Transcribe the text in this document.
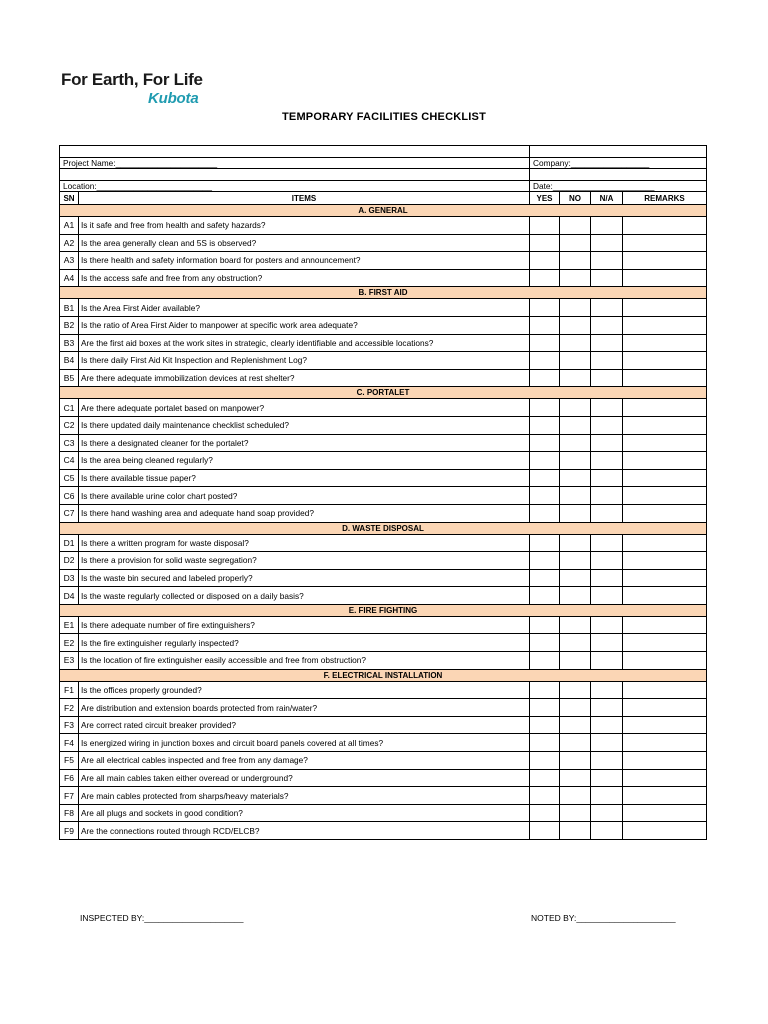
For Earth, For Life
Kubota
TEMPORARY FACILITIES CHECKLIST

Project Name:______________________		Company:_________________			

Location:_________________________		Date:______________________			
SN	ITEMS	YES	NO	N/A	REMARKS
A. GENERAL					
A1	Is it safe and free from health and safety hazards?				
A2	Is the area generally clean and 5S is observed?				
A3	Is there health and safety information board for posters and announcement?				
A4	Is the access safe and free from any obstruction?				
B. FIRST AID					
B1	Is the Area First Aider available?				
B2	Is the ratio of Area First Aider to manpower at specific work area adequate?				
B3	Are the first aid boxes at the work sites in strategic, clearly identifiable and accessible locations?				
B4	Is there daily First Aid Kit Inspection and Replenishment Log?				
B5	Are there adequate immobilization devices at rest shelter?				
C. PORTALET					
C1	Are there adequate portalet based on manpower?				
C2	Is there updated daily maintenance checklist scheduled?				
C3	Is there a designated cleaner for the portalet?				
C4	Is the area being cleaned regularly?				
C5	Is there available tissue paper?				
C6	Is there available urine color chart posted?				
C7	Is there hand washing area and adequate hand soap provided?				
D. WASTE DISPOSAL					
D1	Is there a written program for waste disposal?				
D2	Is there a provision for solid waste segregation?				
D3	Is the waste bin secured and labeled properly?				
D4	Is the waste regularly collected or disposed on a daily basis?				
E. FIRE FIGHTING					
E1	Is there adequate number of fire extinguishers?				
E2	Is the fire extinguisher regularly inspected?				
E3	Is the location of fire extinguisher easily accessible and free from obstruction?				
F. ELECTRICAL INSTALLATION					
F1	Is the offices properly grounded?				
F2	Are distribution and extension boards protected from rain/water?				
F3	Are correct rated circuit breaker provided?				
F4	Is energized wiring in junction boxes and circuit board panels covered at all times?				
F5	Are all electrical cables inspected and free from any damage?				
F6	Are all main cables taken either overead or underground?				
F7	Are main cables protected from sharps/heavy materials?				
F8	Are all plugs and sockets in good condition?				
F9	Are the connections routed through RCD/ELCB?				
INSPECTED BY:_____________________	NOTED BY:_____________________
